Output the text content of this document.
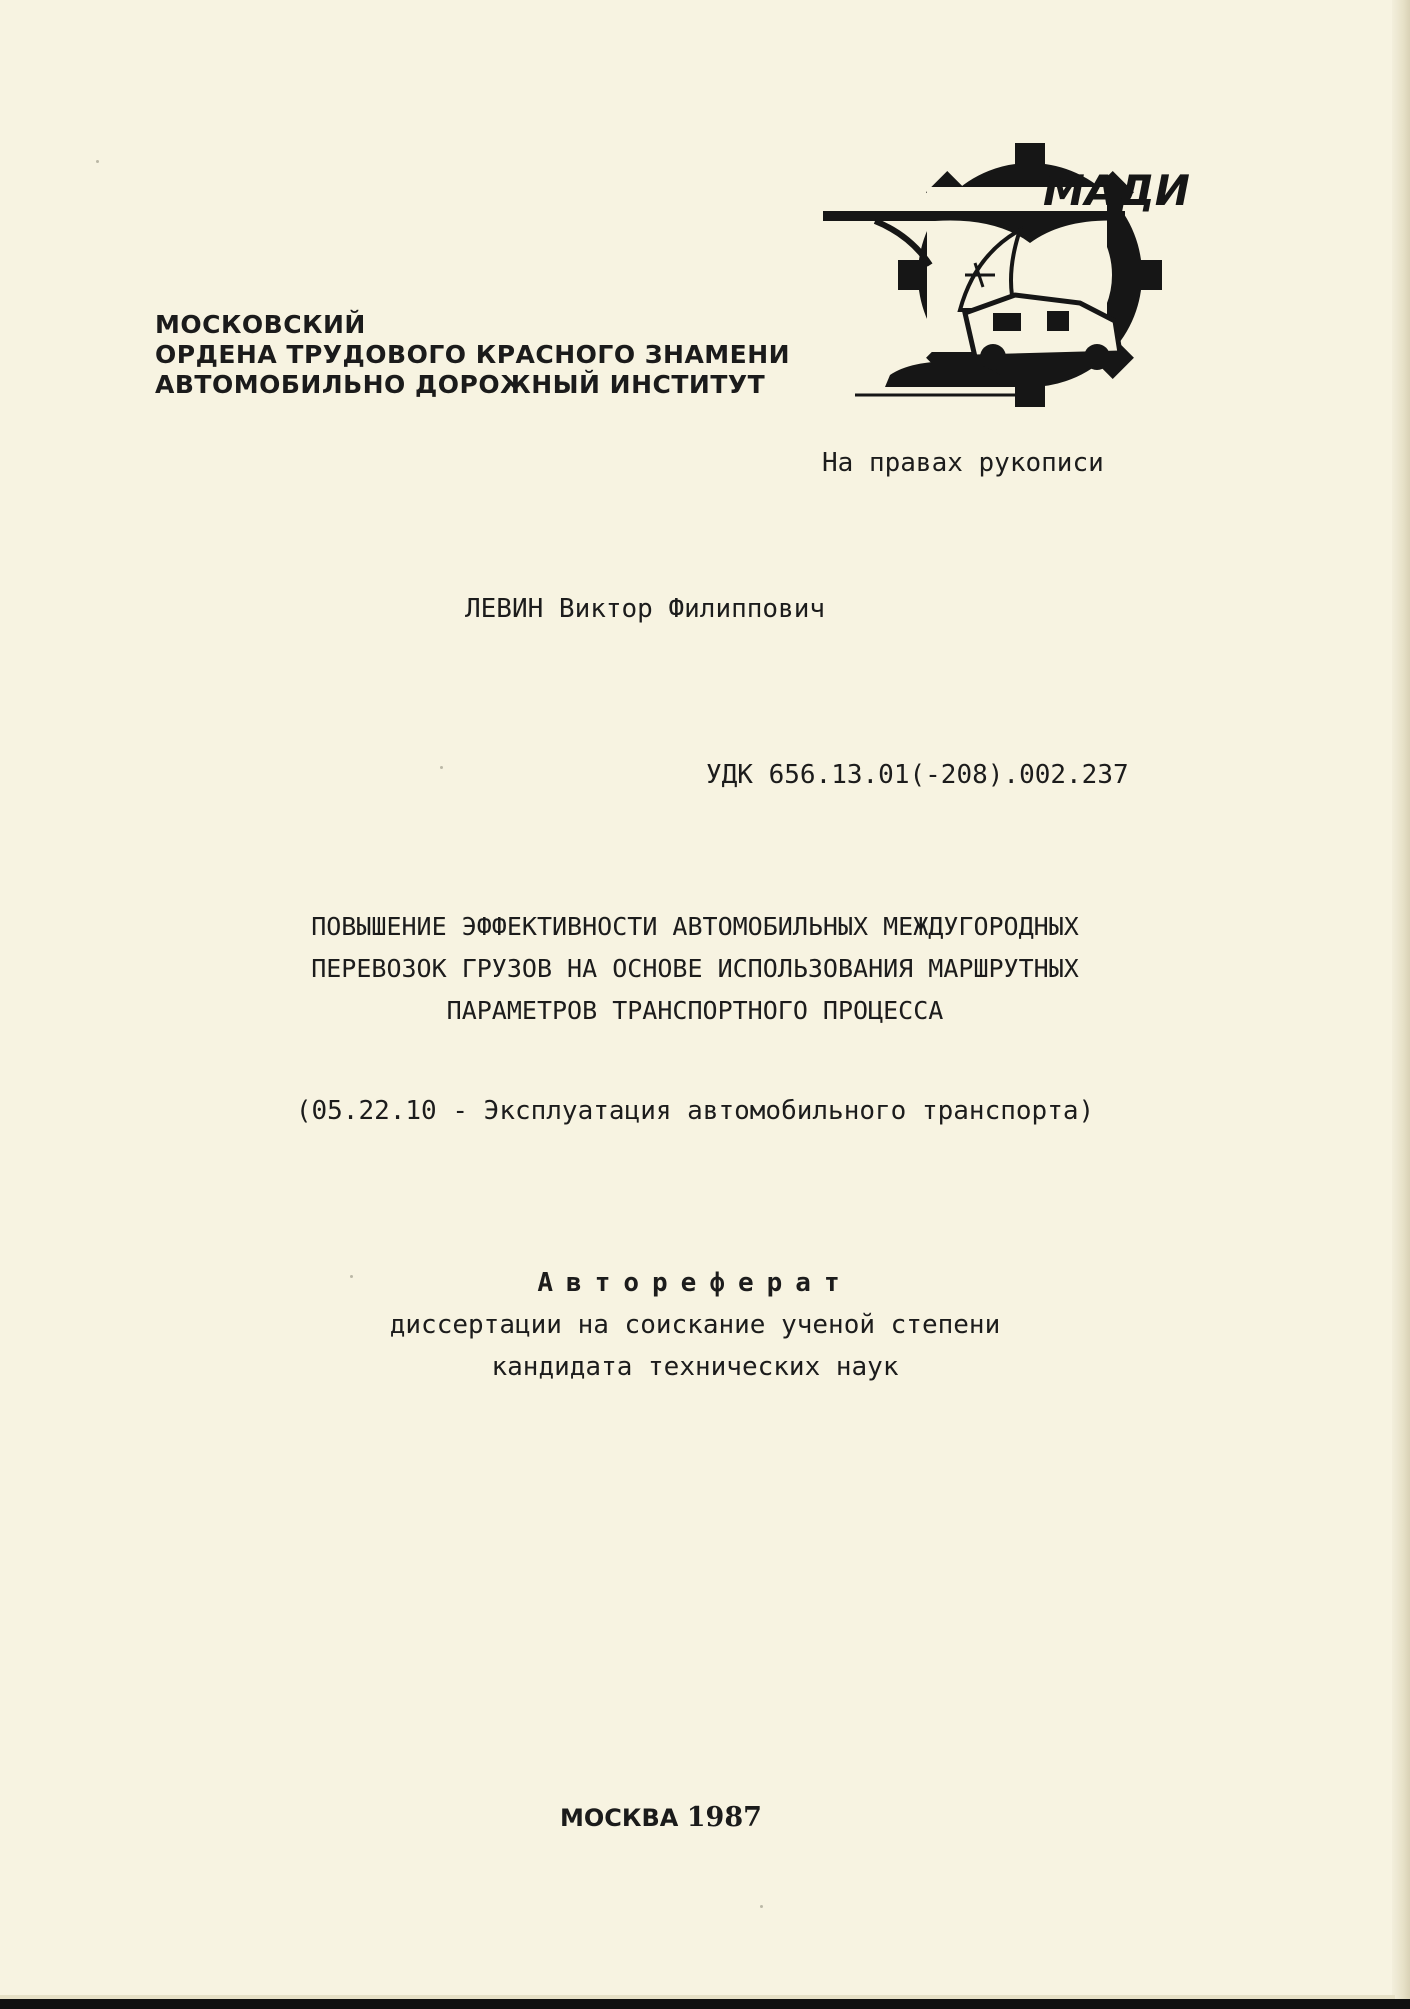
МОСКОВСКИЙ
ОРДЕНА ТРУДОВОГО КРАСНОГО ЗНАМЕНИ
АВТОМОБИЛЬНО ДОРОЖНЫЙ ИНСТИТУТ
МАДИ
На правах рукописи
ЛЕВИН Виктор Филиппович
УДК 656.13.01(-208).002.237
ПОВЫШЕНИЕ ЭФФЕКТИВНОСТИ АВТОМОБИЛЬНЫХ МЕЖДУГОРОДНЫХ
ПЕРЕВОЗОК ГРУЗОВ НА ОСНОВЕ ИСПОЛЬЗОВАНИЯ МАРШРУТНЫХ
ПАРАМЕТРОВ ТРАНСПОРТНОГО ПРОЦЕССА
(05.22.10 - Эксплуатация автомобильного транспорта)
Автореферат
диссертации на соискание ученой степени
кандидата технических наук
МОСКВА 1987
